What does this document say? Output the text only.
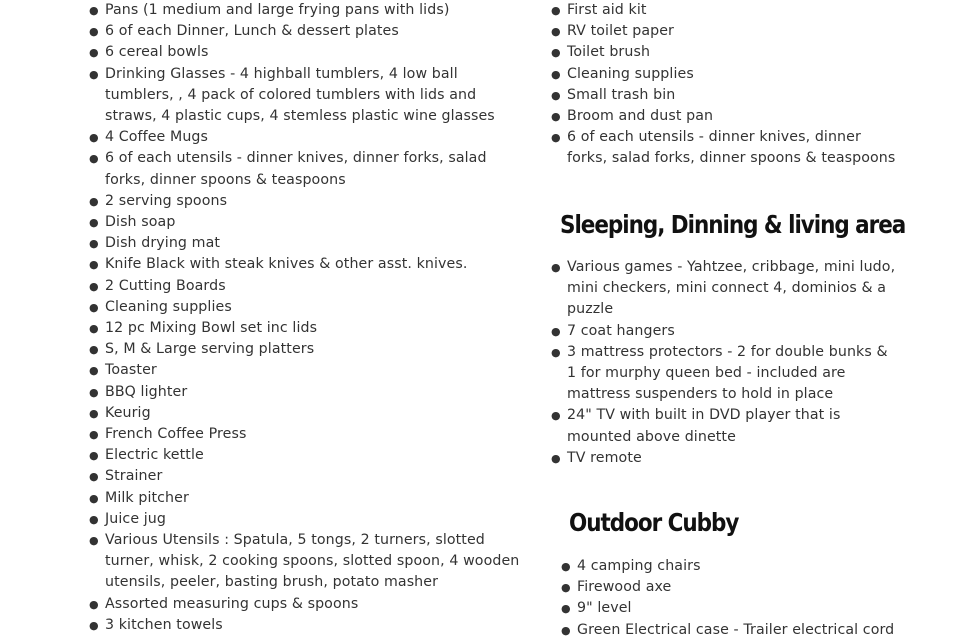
● Pans (1 medium and large frying pans with lids)
● 6 of each Dinner, Lunch & dessert plates
● 6 cereal bowls
● Drinking Glasses - 4 highball tumblers, 4 low ball tumblers, , 4 pack of colored tumblers with lids and straws, 4 plastic cups, 4 stemless plastic wine glasses
● 4 Coffee Mugs
● 6 of each utensils - dinner knives, dinner forks, salad forks, dinner spoons & teaspoons
● 2 serving spoons
● Dish soap
● Dish drying mat
● Knife Black with steak knives & other asst. knives.
● 2 Cutting Boards
● Cleaning supplies
● 12 pc Mixing Bowl set inc lids
● S, M & Large serving platters
● Toaster
● BBQ lighter
● Keurig
● French Coffee Press
● Electric kettle
● Strainer
● Milk pitcher
● Juice jug
● Various Utensils : Spatula, 5 tongs, 2 turners, slotted turner, whisk, 2 cooking spoons, slotted spoon, 4 wooden utensils, peeler, basting brush, potato masher
● Assorted measuring cups & spoons
● 3 kitchen towels
● First aid kit
● RV toilet paper
● Toilet brush
● Cleaning supplies
● Small trash bin
● Broom and dust pan
● 6 of each utensils - dinner knives, dinner forks, salad forks, dinner spoons & teaspoons
Sleeping, Dinning & living area
● Various games - Yahtzee, cribbage, mini ludo, mini checkers, mini connect 4, dominios & a puzzle
● 7 coat hangers
● 3 mattress protectors - 2 for double bunks & 1 for murphy queen bed - included are mattress suspenders to hold in place
● 24" TV with built in DVD player that is mounted above dinette
● TV remote
Outdoor Cubby
● 4 camping chairs
● Firewood axe
● 9" level
● Green Electrical case - Trailer electrical cord
